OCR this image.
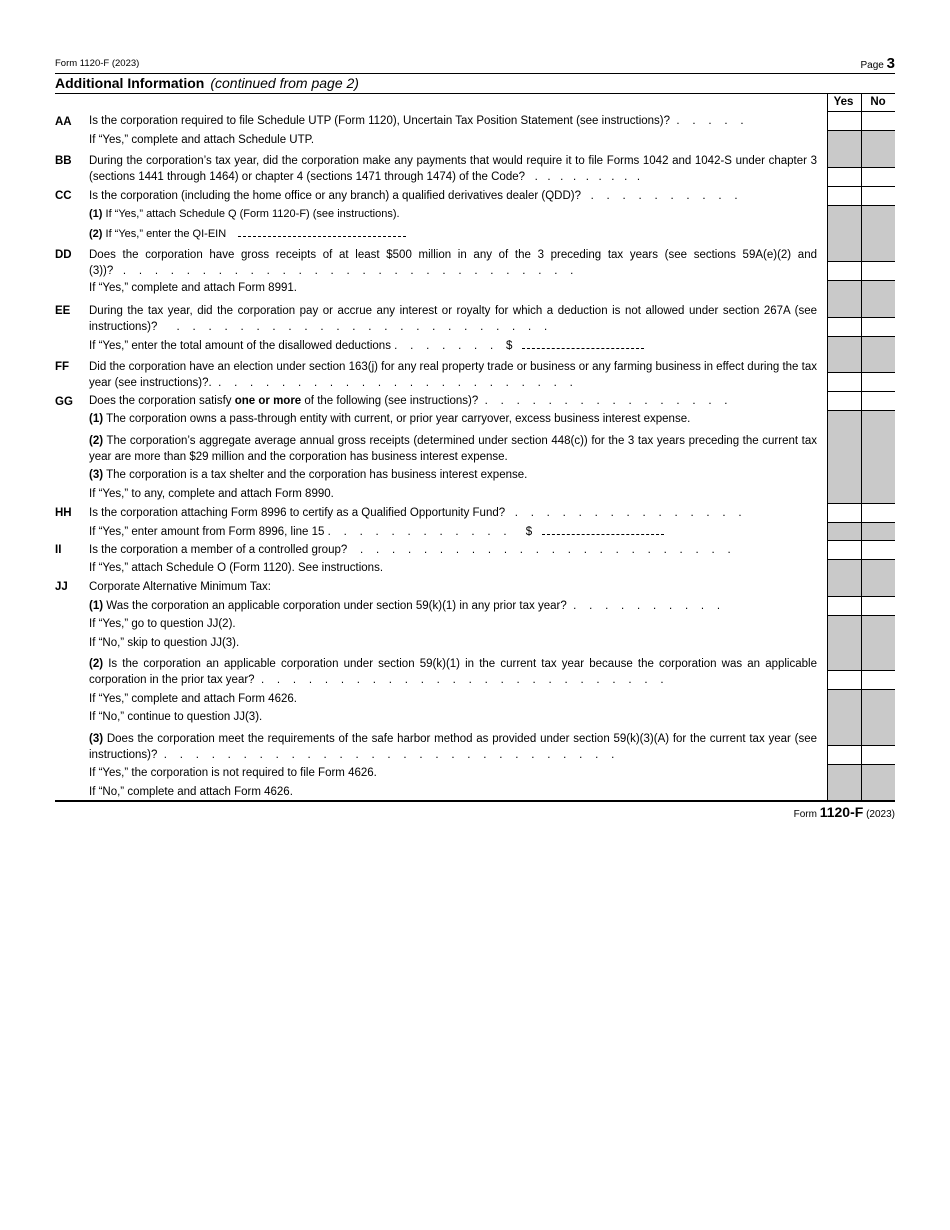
Form 1120-F (2023)	Page 3
Additional Information (continued from page 2)
Yes	No
AA Is the corporation required to file Schedule UTP (Form 1120), Uncertain Tax Position Statement (see instructions)?  .    .    .    .    .
If “Yes,” complete and attach Schedule UTP.
BB During the corporation’s tax year, did the corporation make any payments that would require it to file Forms 1042 and 1042-S under chapter 3 (sections 1441 through 1464) or chapter 4 (sections 1471 through 1474) of the Code?   .   .   .   .   .   .   .   .   .
CC Is the corporation (including the home office or any branch) a qualified derivatives dealer (QDD)?   .    .    .    .    .    .    .    .    .    .
(1) If “Yes,” attach Schedule Q (Form 1120-F) (see instructions).
(2) If “Yes,” enter the QI-EIN
DD Does the corporation have gross receipts of at least $500 million in any of the 3 preceding tax years (see sections 59A(e)(2) and (3))?   .    .    .    .    .    .    .    .    .    .    .    .    .    .    .    .    .    .    .    .    .    .    .    .    .    .    .    .    .
If “Yes,” complete and attach Form 8991.
EE During the tax year, did the corporation pay or accrue any interest or royalty for which a deduction is not allowed under section 267A (see instructions)?      .    .    .    .    .    .    .    .    .    .    .    .    .    .    .    .    .    .    .    .    .    .    .    .
If “Yes,” enter the total amount of the disallowed deductions .    .    .    .    .    .    .    $
FF Did the corporation have an election under section 163(j) for any real property trade or business or any farming business in effect during the tax year (see instructions)?.  .    .    .    .    .    .    .    .    .    .    .    .    .    .    .    .    .    .    .    .    .    .    .
GG Does the corporation satisfy one or more of the following (see instructions)?  .    .    .    .    .    .    .    .    .    .    .    .    .    .    .    .
(1) The corporation owns a pass-through entity with current, or prior year carryover, excess business interest expense.
(2) The corporation’s aggregate average annual gross receipts (determined under section 448(c)) for the 3 tax years preceding the current tax year are more than $29 million and the corporation has business interest expense.
(3) The corporation is a tax shelter and the corporation has business interest expense.
If “Yes,” to any, complete and attach Form 8990.
HH Is the corporation attaching Form 8996 to certify as a Qualified Opportunity Fund?   .    .    .    .    .    .    .    .    .    .    .    .    .    .    .
If “Yes,” enter amount from Form 8996, line 15 .    .    .    .    .    .    .    .    .    .    .    .      $
II Is the corporation a member of a controlled group?    .    .    .    .    .    .    .    .    .    .    .    .    .    .    .    .    .    .    .    .    .    .    .    .
If “Yes,” attach Schedule O (Form 1120). See instructions.
JJ Corporate Alternative Minimum Tax:
(1) Was the corporation an applicable corporation under section 59(k)(1) in any prior tax year?  .    .    .    .    .    .    .    .    .    .
If “Yes,” go to question JJ(2).
If “No,” skip to question JJ(3).
(2) Is the corporation an applicable corporation under section 59(k)(1) in the current tax year because the corporation was an applicable corporation in the prior tax year?  .    .    .    .    .    .    .    .    .    .    .    .    .    .    .    .    .    .    .    .    .    .    .    .    .    .
If “Yes,” complete and attach Form 4626.
If “No,” continue to question JJ(3).
(3) Does the corporation meet the requirements of the safe harbor method as provided under section 59(k)(3)(A) for the current tax year (see instructions)?  .    .    .    .    .    .    .    .    .    .    .    .    .    .    .    .    .    .    .    .    .    .    .    .    .    .    .    .    .
If “Yes,” the corporation is not required to file Form 4626.
If “No,” complete and attach Form 4626.
Form 1120-F (2023)
